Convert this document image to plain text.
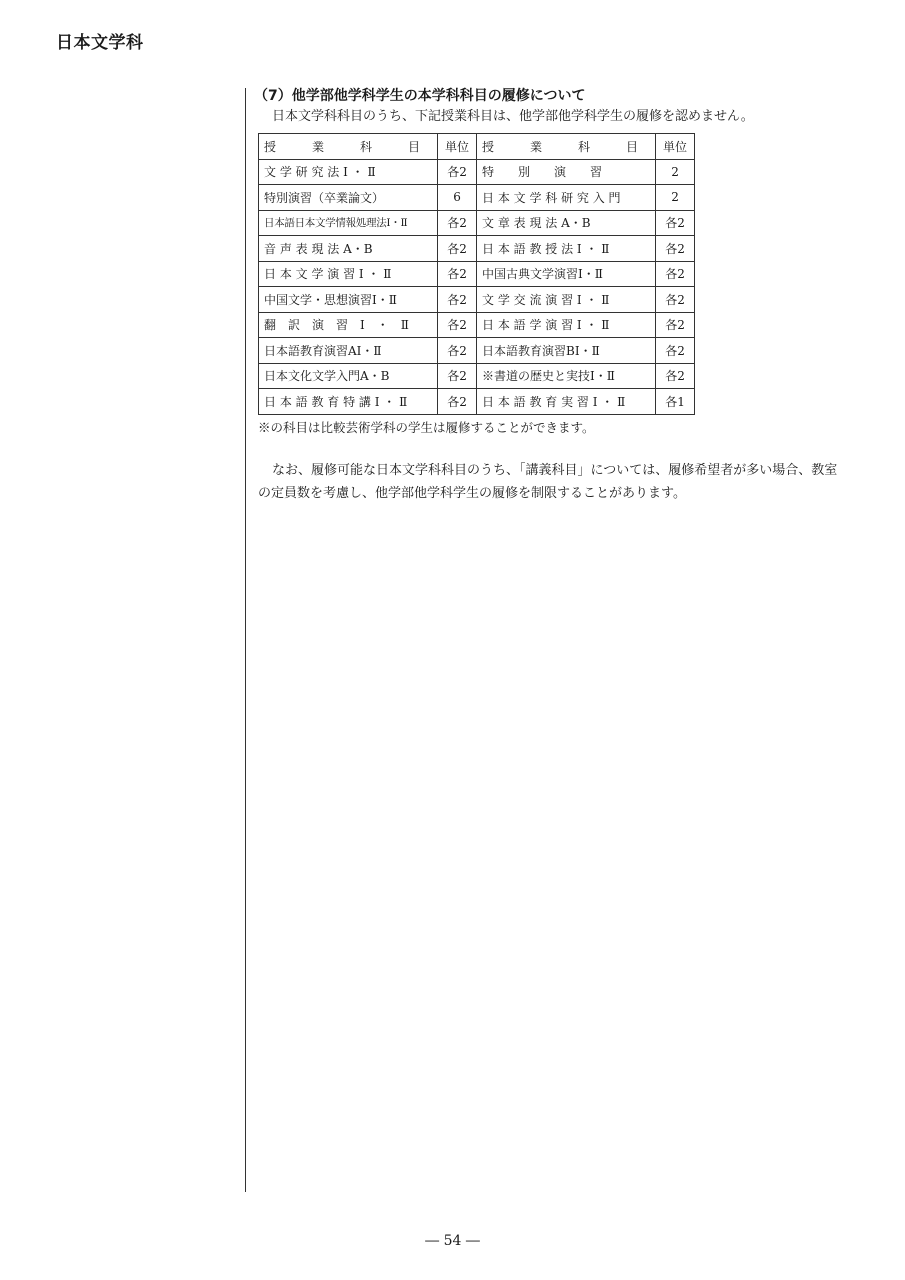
日本文学科
（7）他学部他学科学生の本学科科目の履修について
日本文学科科目のうち、下記授業科目は、他学部他学科学生の履修を認めません。
授　業　科　目	単位	授　業　科　目	単位
文 学 研 究 法 Ⅰ ・ Ⅱ	各2	特　　別　　演　　習	2
特別演習（卒業論文）	6	日 本 文 学 科 研 究 入 門	2
日本語日本文学情報処理法Ⅰ・Ⅱ	各2	文 章 表 現 法 A・B	各2
音 声 表 現 法 A・B	各2	日 本 語 教 授 法 Ⅰ ・ Ⅱ	各2
日 本 文 学 演 習 Ⅰ ・ Ⅱ	各2	中国古典文学演習Ⅰ・Ⅱ	各2
中国文学・思想演習Ⅰ・Ⅱ	各2	文 学 交 流 演 習 Ⅰ ・ Ⅱ	各2
翻　訳　演　習　Ⅰ　・　Ⅱ	各2	日 本 語 学 演 習 Ⅰ ・ Ⅱ	各2
日本語教育演習AⅠ・Ⅱ	各2	日本語教育演習BⅠ・Ⅱ	各2
日本文化文学入門A・B	各2	※書道の歴史と実技Ⅰ・Ⅱ	各2
日 本 語 教 育 特 講 Ⅰ ・ Ⅱ	各2	日 本 語 教 育 実 習 Ⅰ ・ Ⅱ	各1
※の科目は比較芸術学科の学生は履修することができます。
なお、履修可能な日本文学科科目のうち、「講義科目」については、履修希望者が多い場合、教室の定員数を考慮し、他学部他学科学生の履修を制限することがあります。
― 54 ―
